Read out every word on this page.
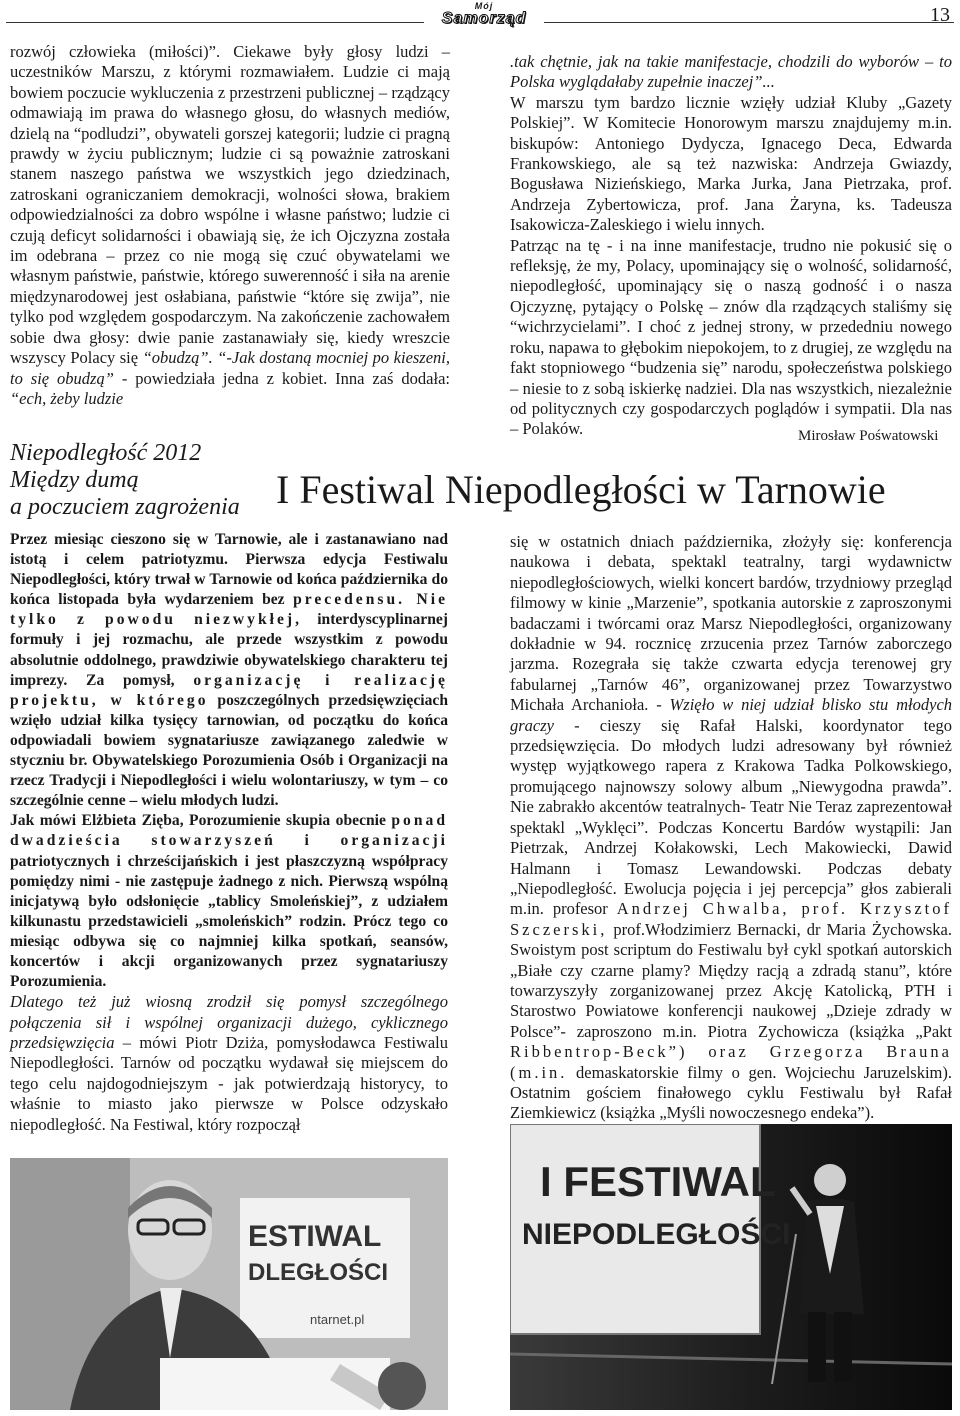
Mój
Samorząd	13

rozwój człowieka (miłości)”. Ciekawe były głosy ludzi – uczestników Marszu, z którymi rozmawiałem. Ludzie ci mają bowiem poczucie wykluczenia z przestrzeni publicznej – rządzący odmawiają im prawa do własnego głosu, do własnych mediów, dzielą na “podludzi”, obywateli gorszej kategorii; ludzie ci pragną prawdy w życiu publicznym; ludzie ci są poważnie zatroskani stanem naszego państwa we wszystkich jego dziedzinach, zatroskani ograniczaniem demokracji, wolności słowa, brakiem odpowiedzialności za dobro wspólne i własne państwo; ludzie ci czują deficyt solidarności i obawiają się, że ich Ojczyzna została im odebrana – przez co nie mogą się czuć obywatelami we własnym państwie, państwie, którego suwerenność i siła na arenie międzynarodowej jest osłabiana, państwie “które się zwija”, nie tylko pod względem gospodarczym. Na zakończenie zachowałem sobie dwa głosy: dwie panie zastanawiały się, kiedy wreszcie wszyscy Polacy się “obudzą”. “-Jak dostaną mocniej po kieszeni, to się obudzą” - powiedziała jedna z kobiet. Inna zaś dodała: “ech, żeby ludzie

.tak chętnie, jak na takie manifestacje, chodzili do wyborów – to Polska wyglądałaby zupełnie inaczej”...

W marszu tym bardzo licznie wzięły udział Kluby „Gazety Polskiej”. W Komitecie Honorowym marszu znajdujemy m.in. biskupów: Antoniego Dydycza, Ignacego Deca, Edwarda Frankowskiego, ale są też nazwiska: Andrzeja Gwiazdy, Bogusława Nizieńskiego, Marka Jurka, Jana Pietrzaka, prof. Andrzeja Zybertowicza, prof. Jana Żaryna, ks. Tadeusza Isakowicza-Zaleskiego i wielu innych.

Patrząc na tę - i na inne manifestacje, trudno nie pokusić się o refleksję, że my, Polacy, upominający się o wolność, solidarność, niepodległość, upominający się o naszą godność i o nasza Ojczyznę, pytający o Polskę – znów dla rządzących staliśmy się “wichrzycielami”. I choć z jednej strony, w przededniu nowego roku, napawa to głębokim niepokojem, to z drugiej, ze względu na fakt stopniowego “budzenia się” narodu, społeczeństwa polskiego – niesie to z sobą iskierkę nadziei. Dla nas wszystkich, niezależnie od politycznych czy gospodarczych poglądów i sympatii. Dla nas – Polaków.	Mirosław Pośwatowski
Niepodległość 2012
Między dumą
a poczuciem zagrożenia I Festiwal Niepodległości w Tarnowie

Przez miesiąc cieszono się w Tarnowie, ale i zastanawiano nad istotą i celem patriotyzmu. Pierwsza edycja Festiwalu Niepodległości, który trwał w Tarnowie od końca października do końca listopada była wydarzeniem bez precedensu. Nie tylko z powodu niezwykłej, interdyscyplinarnej formuły i jej rozmachu, ale przede wszystkim z powodu absolutnie oddolnego, prawdziwie obywatelskiego charakteru tej imprezy. Za pomysł, organizację i realizację projektu, w którego poszczególnych przedsięwzięciach wzięło udział kilka tysięcy tarnowian, od początku do końca odpowiadali bowiem sygnatariusze zawiązanego zaledwie w styczniu br. Obywatelskiego Porozumienia Osób i Organizacji na rzecz Tradycji i Niepodległości i wielu wolontariuszy, w tym – co szczególnie cenne – wielu młodych ludzi.

Jak mówi Elżbieta Zięba, Porozumienie skupia obecnie ponad dwadzieścia stowarzyszeń i organizacji patriotycznych i chrześcijańskich i jest płaszczyzną współpracy pomiędzy nimi - nie zastępuje żadnego z nich. Pierwszą wspólną inicjatywą było odsłonięcie „tablicy Smoleńskiej”, z udziałem kilkunastu przedstawicieli „smoleńskich” rodzin. Prócz tego co miesiąc odbywa się co najmniej kilka spotkań, seansów, koncertów i akcji organizowanych przez sygnatariuszy Porozumienia.

Dlatego też już wiosną zrodził się pomysł szczególnego połączenia sił i wspólnej organizacji dużego, cyklicznego przedsięwzięcia – mówi Piotr Dziża, pomysłodawca Festiwalu Niepodległości. Tarnów od początku wydawał się miejscem do tego celu najdogodniejszym - jak potwierdzają historycy, to właśnie to miasto jako pierwsze w Polsce odzyskało niepodległość. Na Festiwal, który rozpoczął

się w ostatnich dniach października, złożyły się: konferencja naukowa i debata, spektakl teatralny, targi wydawnictw niepodległościowych, wielki koncert bardów, trzydniowy przegląd filmowy w kinie „Marzenie”, spotkania autorskie z zaproszonymi badaczami i twórcami oraz Marsz Niepodległości, organizowany dokładnie w 94. rocznicę zrzucenia przez Tarnów zaborczego jarzma. Rozegrała się także czwarta edycja terenowej gry fabularnej „Tarnów 46”, organizowanej przez Towarzystwo Michała Archanioła. - Wzięło w niej udział blisko stu młodych graczy - cieszy się Rafał Halski, koordynator tego przedsięwzięcia. Do młodych ludzi adresowany był również występ wyjątkowego rapera z Krakowa Tadka Polkowskiego, promującego najnowszy solowy album „Niewygodna prawda”. Nie zabrakło akcentów teatralnych- Teatr Nie Teraz zaprezentował spektakl „Wyklęci”. Podczas Koncertu Bardów wystąpili: Jan Pietrzak, Andrzej Kołakowski, Lech Makowiecki, Dawid Halmann i Tomasz Lewandowski. Podczas debaty „Niepodległość. Ewolucja pojęcia i jej percepcja” głos zabierali m.in. profesor Andrzej Chwalba, prof. Krzysztof Szczerski, prof.Włodzimierz Bernacki, dr Maria Żychowska. Swoistym post scriptum do Festiwalu był cykl spotkań autorskich „Białe czy czarne plamy? Między racją a zdradą stanu”, które towarzyszyły zorganizowanej przez Akcję Katolicką, PTH i Starostwo Powiatowe konferencji naukowej „Dzieje zdrady w Polsce”- zaproszono m.in. Piotra Zychowicza (książka „Pakt Ribbentrop-Beck”) oraz Grzegorza Brauna (m.in. demaskatorskie filmy o gen. Wojciechu Jaruzelskim). Ostatnim gościem finałowego cyklu Festiwalu był Rafał Ziemkiewicz (książka „Myśli nowoczesnego endeka”).

I FESTIWAL
NIEPODLEGŁOŚCI
ESTIWAL
DLEGŁOŚCI
ntarnet.pl
